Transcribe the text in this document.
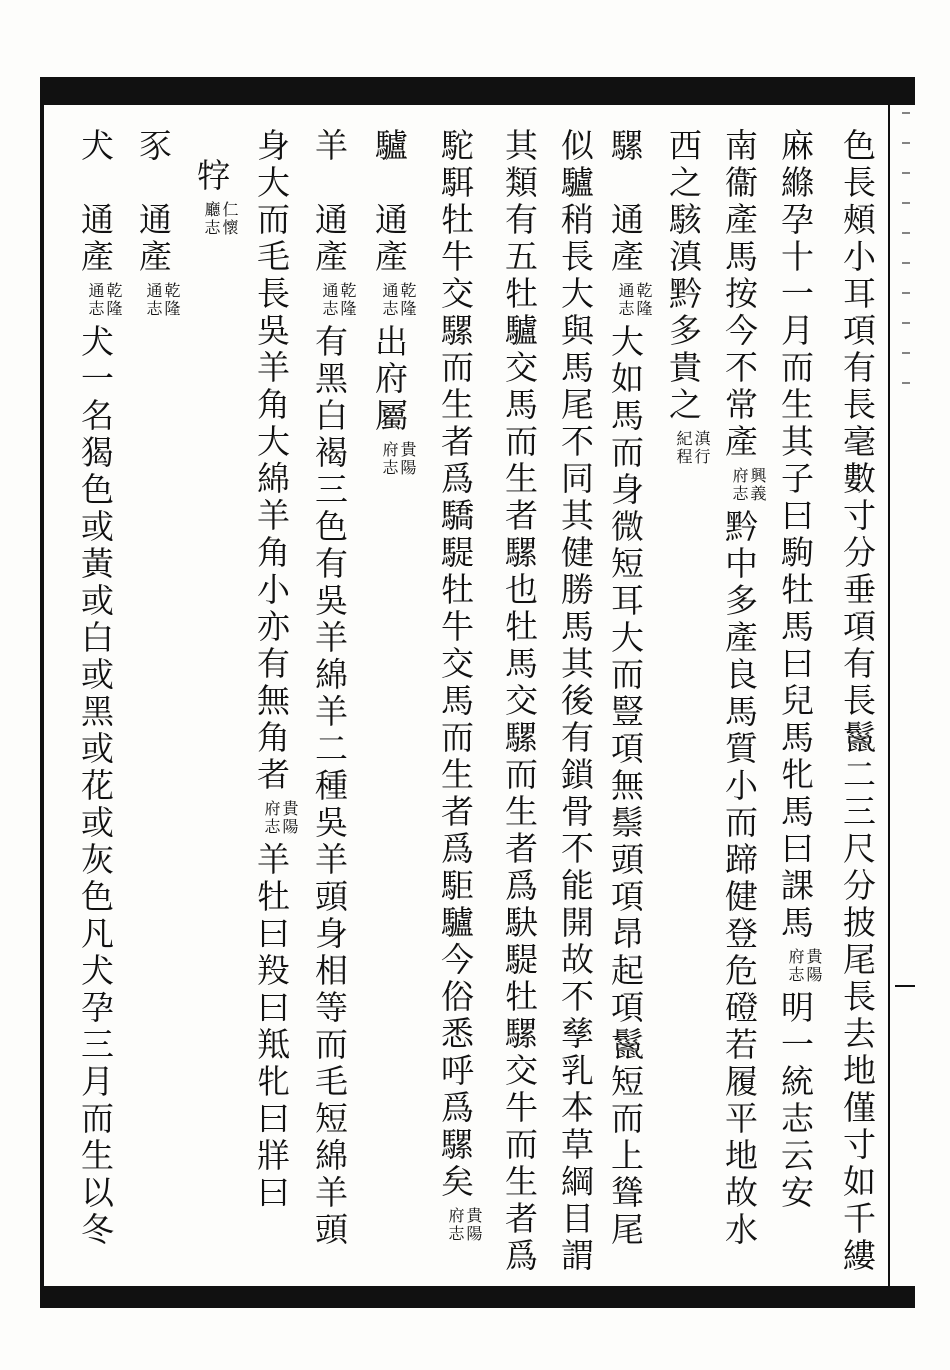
色長頰小耳項有長毫數寸分垂項有長鬣二三尺分披尾長去地僅寸如千縷
麻縧孕十一月而生其子曰駒牡馬曰兒馬牝馬曰課馬
貴陽
府志
明一統志云安
南衞產馬按今不常產
興義
府志
黔中多產良馬質小而蹄健登危磴若履平地故水
西之駭滇黔多貴之
滇行
紀程
騾　通產
乾隆
通志
大如馬而身微短耳大而豎項無鬃頭項昂起項鬣短而上聳尾
似驢稍長大與馬尾不同其健勝馬其後有鎖骨不能開故不孳乳本草綱目謂
其類有五牡驢交馬而生者騾也牡馬交騾而生者爲駃騠牡騾交牛而生者爲
駝駬牡牛交騾而生者爲驕騠牡牛交馬而生者爲駏驢今俗悉呼爲騾矣
貴陽
府志
驢　通產
乾隆
通志
出府屬
貴陽
府志
羊　通產
乾隆
通志
有黑白褐三色有吳羊綿羊二種吳羊頭身相等而毛短綿羊頭
身大而毛長吳羊角大綿羊角小亦有無角者
貴陽
府志
羊牡曰羖曰羝牝曰牂曰
牸
仁懷
廳志
豕　通產
乾隆
通志
犬　通產
乾隆
通志
犬一名猲色或黃或白或黑或花或灰色凡犬孕三月而生以冬
